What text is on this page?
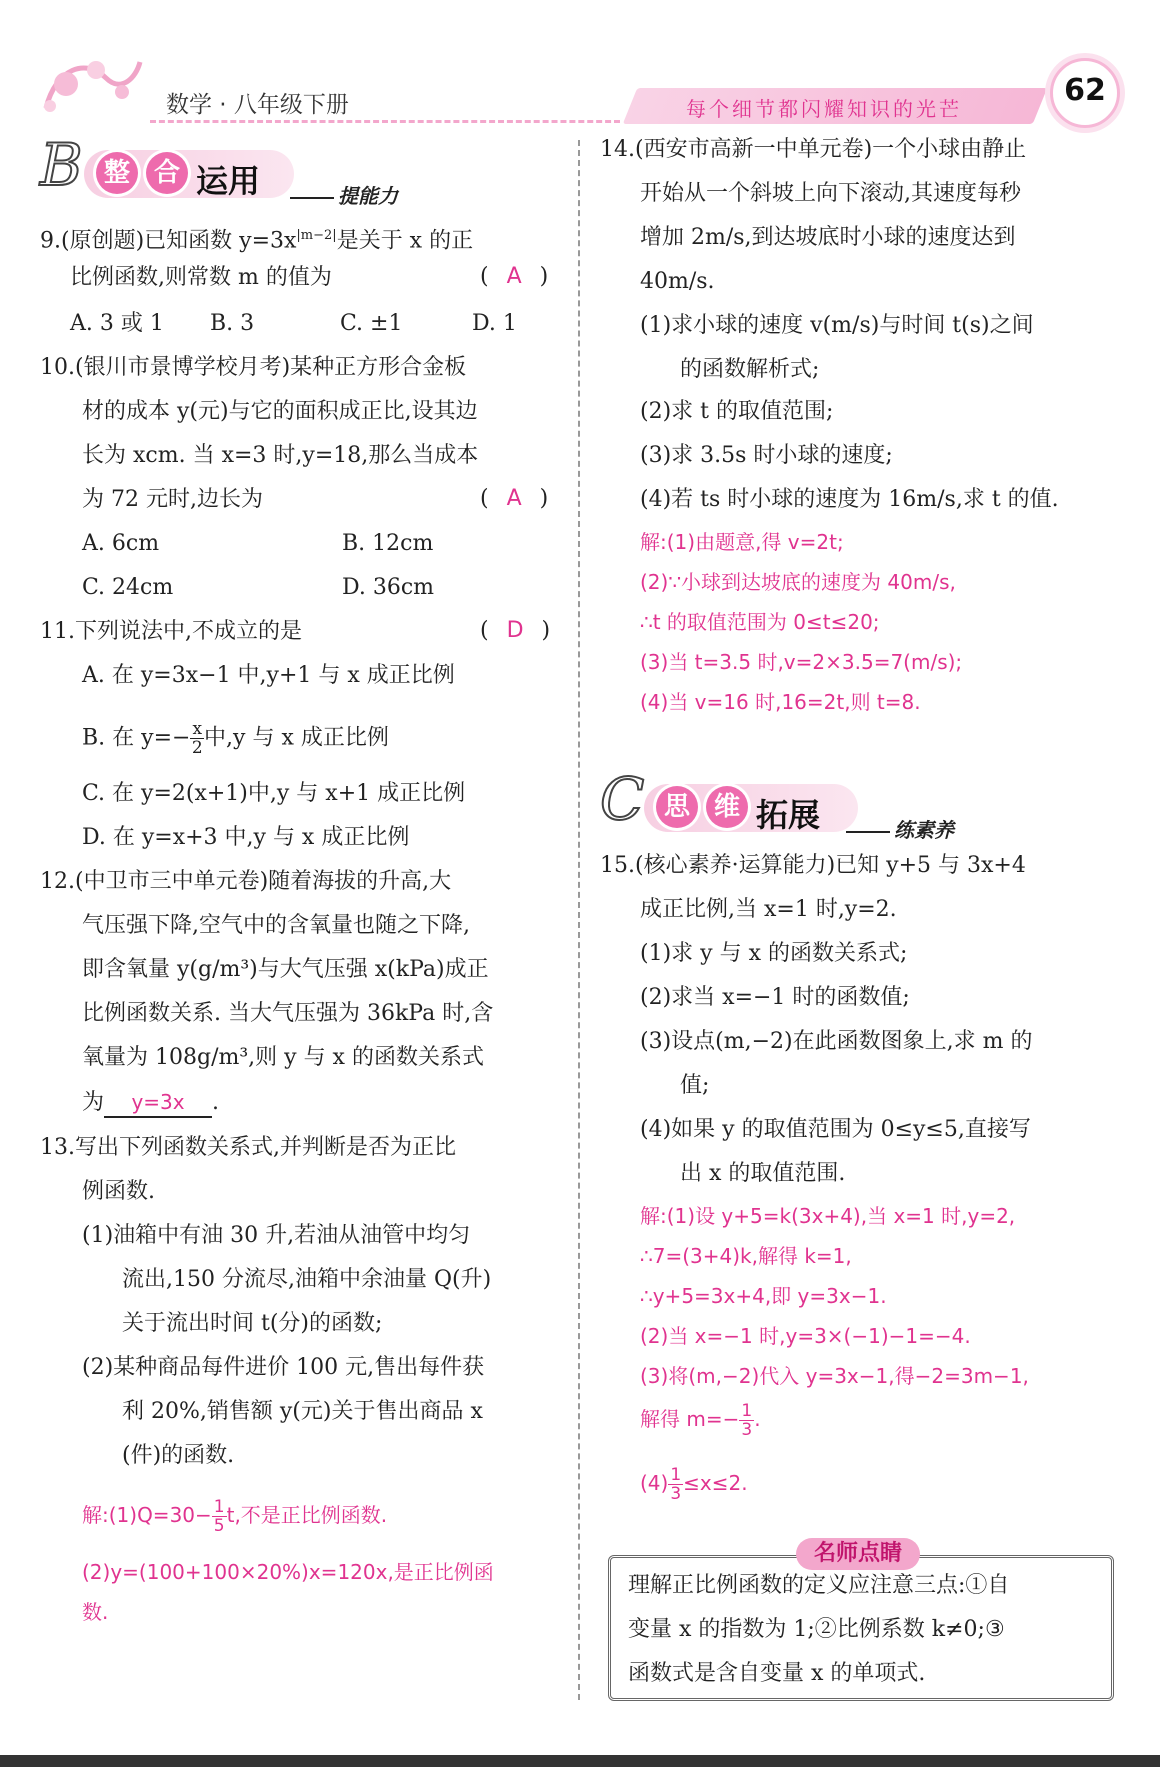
数学 · 八年级下册	每个细节都闪耀知识的光芒
62
B 整 合 运用	提能力
9.(原创题)已知函数 $y=3x^{|m-2|}$是关于 x 的正
比例函数,则常数 m 的值为	( A )
A. 3 或 1 B. 3	C. ±1	D. 1
10.(银川市景博学校月考)某种正方形合金板
材的成本 y(元)与它的面积成正比,设其边
长为 xcm. 当 x=3 时,y=18,那么当成本
为 72 元时,边长为	( A )
A. 6cm	B. 12cm
C. 24cm	D. 36cm
11.下列说法中,不成立的是	( D )
A. 在 y=3x−1 中,y+1 与 x 成正比例
B. 在 $y=- \frac{x}{2}$ 中,y 与 x 成正比例
C. 在 y=2(x+1)中,y 与 x+1 成正比例
D. 在 y=x+3 中,y 与 x 成正比例
12.(中卫市三中单元卷)随着海拔的升高,大
气压强下降,空气中的含氧量也随之下降,
即含氧量 y(g/m³)与大气压强 x(kPa)成正
比例函数关系. 当大气压强为 36kPa 时,含
氧量为 108g/m³,则 y 与 x 的函数关系式
为 y=3x .
13.写出下列函数关系式,并判断是否为正比
例函数.
(1)油箱中有油 30 升,若油从油管中均匀
流出,150 分流尽,油箱中余油量 Q(升)
关于流出时间 t(分)的函数;
(2)某种商品每件进价 100 元,售出每件获
利 20%,销售额 y(元)关于售出商品 x
(件)的函数.
解:(1)Q=30− $\frac{1}{5} t$,不是正比例函数.
(2)y=(100+100×20%)x=120x,是正比例函
数.
14.(西安市高新一中单元卷)一个小球由静止
开始从一个斜坡上向下滚动,其速度每秒
增加 2m/s,到达坡底时小球的速度达到
40m/s.
(1)求小球的速度 v(m/s)与时间 t(s)之间
的函数解析式;
(2)求 t 的取值范围;
(3)求 3.5s 时小球的速度;
(4)若 ts 时小球的速度为 16m/s,求 t 的值.
解:(1)由题意,得 v=2t;
(2)∵小球到达坡底的速度为 40m/s,
∴t 的取值范围为 0≤t≤20;
(3)当 t=3.5 时,v=2×3.5=7(m/s);
(4)当 v=16 时,16=2t,则 t=8.
C 思 维 拓展	练素养
15.(核心素养·运算能力)已知 y+5 与 3x+4
成正比例,当 x=1 时,y=2.
(1)求 y 与 x 的函数关系式;
(2)求当 x=−1 时的函数值;
(3)设点(m,−2)在此函数图象上,求 m 的
值;
(4)如果 y 的取值范围为 0≤y≤5,直接写
出 x 的取值范围.
解:(1)设 y+5=k(3x+4),当 x=1 时,y=2,
∴7=(3+4)k,解得 k=1,
∴y+5=3x+4,即 y=3x−1.
(2)当 x=−1 时,y=3×(−1)−1=−4.
(3)将(m,−2)代入 y=3x−1,得−2=3m−1,
解得 $m=- \frac{1}{3}$ .
$(4) \frac{1}{3} \le x\le 2$.
名师点睛
理解正比例函数的定义应注意三点:①自
变量 x 的指数为 1;②比例系数 k≠0;③
函数式是含自变量 x 的单项式.
